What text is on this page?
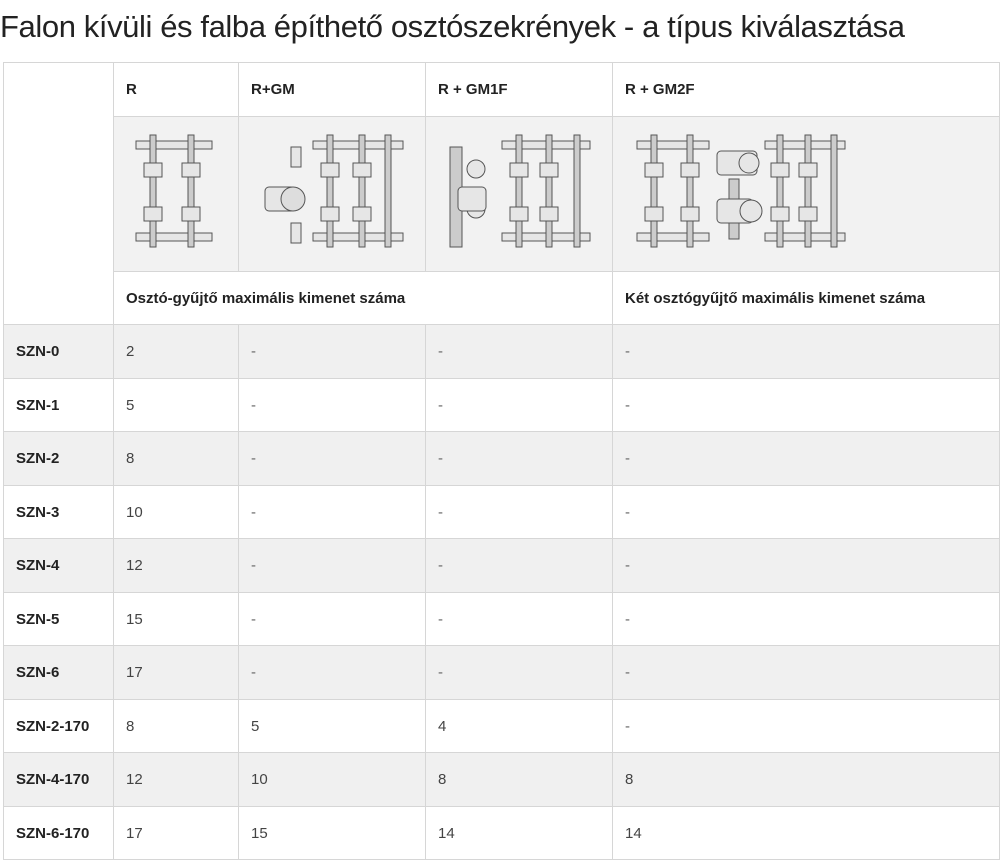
Falon kívüli és falba építhető osztószekrények - a típus kiválasztása
	R	R+GM	R + GM1F	R + GM2F

	Osztó-gyűjtő maximális kimenet száma			Két osztógyűjtő maximális kimenet száma
SZN-0	2	-	-	-
SZN-1	5	-	-	-
SZN-2	8	-	-	-
SZN-3	10	-	-	-
SZN-4	12	-	-	-
SZN-5	15	-	-	-
SZN-6	17	-	-	-
SZN-2-170	8	5	4	-
SZN-4-170	12	10	8	8
SZN-6-170	17	15	14	14
